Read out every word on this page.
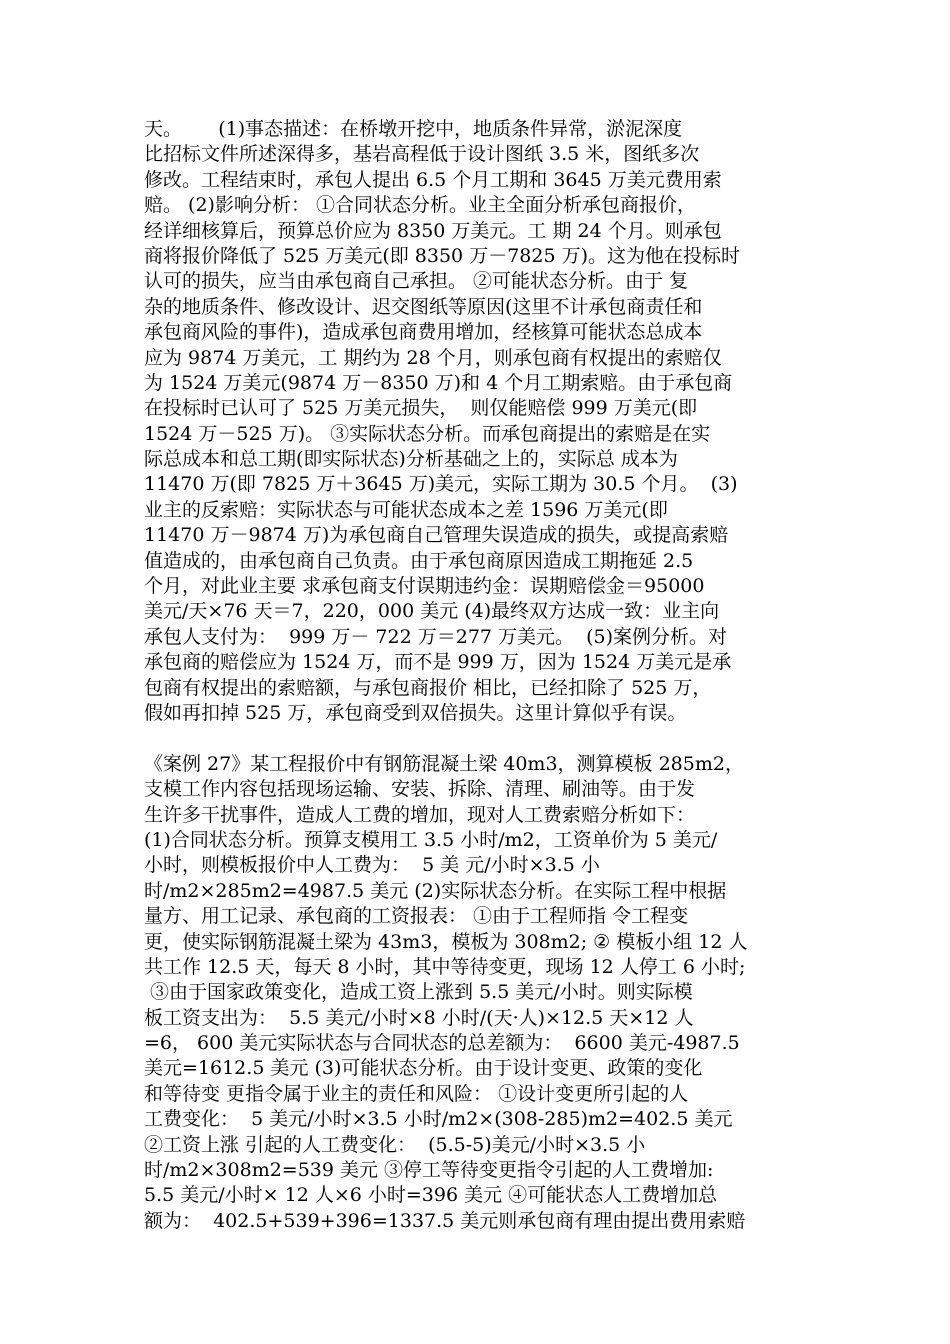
天。      (1)事态描述：在桥墩开挖中，地质条件异常，淤泥深度
比招标文件所述深得多，基岩高程低于设计图纸 3.5 米，图纸多次
修改。工程结束时，承包人提出 6.5 个月工期和 3645 万美元费用索
赔。 (2)影响分析： ①合同状态分析。业主全面分析承包商报价，
经详细核算后，预算总价应为 8350 万美元。工 期 24 个月。则承包
商将报价降低了 525 万美元(即 8350 万－7825 万)。这为他在投标时
认可的损失，应当由承包商自己承担。 ②可能状态分析。由于 复
杂的地质条件、修改设计、迟交图纸等原因(这里不计承包商责任和
承包商风险的事件)，造成承包商费用增加，经核算可能状态总成本
应为 9874 万美元，工 期约为 28 个月，则承包商有权提出的索赔仅
为 1524 万美元(9874 万－8350 万)和 4 个月工期索赔。由于承包商
在投标时已认可了 525 万美元损失，  则仅能赔偿 999 万美元(即
1524 万－525 万)。 ③实际状态分析。而承包商提出的索赔是在实
际总成本和总工期(即实际状态)分析基础之上的，实际总 成本为
11470 万(即 7825 万＋3645 万)美元，实际工期为 30.5 个月。  (3)
业主的反索赔：实际状态与可能状态成本之差 1596 万美元(即
11470 万－9874 万)为承包商自己管理失误造成的损失，或提高索赔
值造成的，由承包商自己负责。由于承包商原因造成工期拖延 2.5
个月，对此业主要 求承包商支付误期违约金：误期赔偿金＝95000
美元/天×76 天＝7，220，000 美元 (4)最终双方达成一致：业主向
承包人支付为：  999 万－ 722 万＝277 万美元。  (5)案例分析。对
承包商的赔偿应为 1524 万，而不是 999 万，因为 1524 万美元是承
包商有权提出的索赔额，与承包商报价 相比，已经扣除了 525 万，
假如再扣掉 525 万，承包商受到双倍损失。这里计算似乎有误。
《案例 27》某工程报价中有钢筋混凝土梁 40m3，测算模板 285m2，
支模工作内容包括现场运输、安装、拆除、清理、刷油等。由于发
生许多干扰事件，造成人工费的增加，现对人工费索赔分析如下：
(1)合同状态分析。预算支模用工 3.5 小时/m2，工资单价为 5 美元/
小时，则模板报价中人工费为：  5 美 元/小时×3.5 小
时/m2×285m2=4987.5 美元 (2)实际状态分析。在实际工程中根据
量方、用工记录、承包商的工资报表： ①由于工程师指 令工程变
更，使实际钢筋混凝土梁为 43m3，模板为 308m2; ② 模板小组 12 人
共工作 12.5 天，每天 8 小时，其中等待变更，现场 12 人停工 6 小时;
③由于国家政策变化，造成工资上涨到 5.5 美元/小时。则实际模
板工资支出为：  5.5 美元/小时×8 小时/(天·人)×12.5 天×12 人
=6， 600 美元实际状态与合同状态的总差额为：  6600 美元-4987.5
美元=1612.5 美元 (3)可能状态分析。由于设计变更、政策的变化
和等待变 更指令属于业主的责任和风险： ①设计变更所引起的人
工费变化：  5 美元/小时×3.5 小时/m2×(308-285)m2=402.5 美元
②工资上涨 引起的人工费变化：  (5.5-5)美元/小时×3.5 小
时/m2×308m2=539 美元 ③停工等待变更指令引起的人工费增加:
5.5 美元/小时× 12 人×6 小时=396 美元 ④可能状态人工费增加总
额为：  402.5+539+396=1337.5 美元则承包商有理由提出费用索赔
